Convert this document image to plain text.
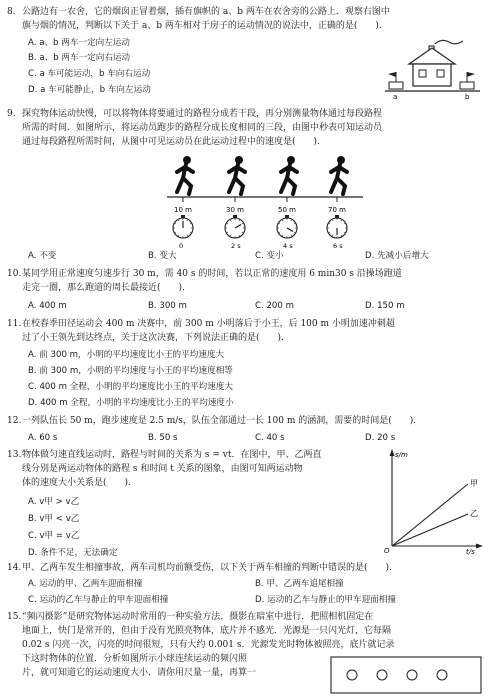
8. 公路边有一农舍，它的烟囱正冒着烟，插有旗帜的 a、b 两车在农舍旁的公路上．观察右图中
旗与烟的情况，判断以下关于 a、b 两车相对于房子的运动情况的说法中，正确的是(　　).
A. a、b 两车一定向左运动
B. a、b 两车一定向右运动
C. a 车可能运动，b 车向右运动
D. a 车可能静止，b 车向左运动
a	b
9. 探究物体运动快慢，可以将物体将要通过的路程分成若干段，再分别测量物体通过每段路程
所需的时间．如图所示，将运动员跑步的路程分成长度相同的三段，由图中秒表可知运动员
通过每段路程所需时间，从图中可见运动员在此运动过程中的速度是(　　).
10 m	30 m	50 m	70 m
0	2 s	4 s	6 s
A. 不变	B. 变大	C. 变小	D. 先减小后增大
10. 某同学用正常速度匀速步行 30 m，需 40 s 的时间，若以正常的速度用 6 min30 s 沿操场跑道
走完一圈，那么跑道的周长最接近(　　).
A. 400 m	B. 300 m	C. 200 m	D. 150 m
11. 在校春季田径运动会 400 m 决赛中，前 300 m 小明落后于小王，后 100 m 小明加速冲刺超
过了小王领先到达终点，关于这次决赛，下列说法正确的是(　　).
A. 前 300 m，小明的平均速度比小王的平均速度大
B. 前 300 m，小明的平均速度与小王的平均速度相等
C. 400 m 全程，小明的平均速度比小王的平均速度大
D. 400 m 全程，小明的平均速度比小王的平均速度小
12. 一列队伍长 50 m，跑步速度是 2.5 m/s，队伍全部通过一长 100 m 的涵洞，需要的时间是(　　).
A. 60 s	B. 50 s	C. 40 s	D. 20 s
13. 物体做匀速直线运动时，路程与时间的关系为 s = vt．在图中，甲、乙两直
线分别是两运动物体的路程 s 和时间 t 关系的图象，由图可知两运动物
体的速度大小关系是(　　).
A. v甲 > v乙
B. v甲 < v乙
C. v甲 = v乙
D. 条件不足，无法确定
s/m
t/s
O
甲
乙
14. 甲、乙两车发生相撞事故，两车司机均前额受伤，以下关于两车相撞的判断中错误的是(　　).
A. 运动的甲、乙两车迎面相撞	B. 甲、乙两车追尾相撞
C. 运动的乙车与静止的甲车迎面相撞	D. 运动的乙车与静止的甲车迎面相撞
15. “频闪摄影”是研究物体运动时常用的一种实验方法．摄影在暗室中进行．把照相机固定在
地面上，快门是常开的，但由于没有光照亮物体，底片并不感光．光源是一只闪光灯，它每隔
0.02 s 闪亮一次，闪亮的时间很短，只有大约 0.001 s．光源发光时物体被照亮，底片就记录
下这时物体的位置．分析如图所示小球连续运动的频闪照
片，就可知道它的运动速度大小．请你用尺量一量，再算一
